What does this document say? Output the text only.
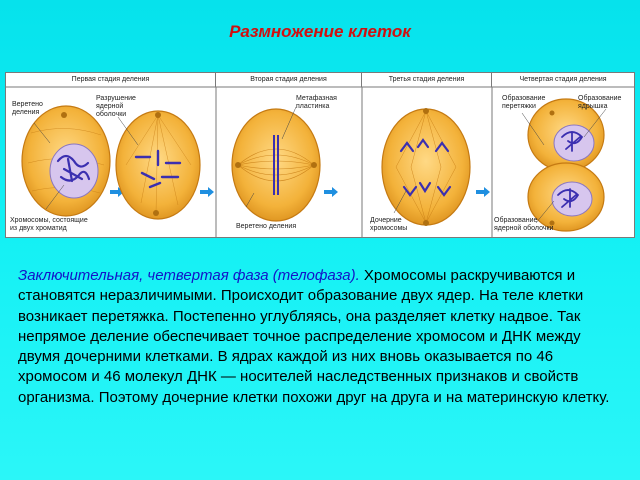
Размножение клеток
Первая стадия деления	Вторая стадия деления	Третья стадия деления	Четвертая стадия деления
Веретено
деления
Разрушение
ядерной
оболочки
Хромосомы, состоящие
из двух хроматид
Метафазная
пластинка
Веретено деления
Дочерние
хромосомы
Образование
перетяжки
Образование
ядрышка
Образование
ядерной оболочки
Заключительная, четвертая фаза (телофаза). Хромосомы раскручиваются и становятся неразличимыми. Происходит образование двух ядер. На теле клетки возникает перетяжка. Постепенно углубляясь, она разделяет клетку надвое. Так непрямое деление обеспечивает точное распределение хромосом и ДНК между двумя дочерними клетками. В ядрах каждой из них вновь оказывается по 46 хромосом и 46 молекул ДНК — носителей наследственных признаков и свойств организма. Поэтому дочерние клетки похожи друг на друга и на материнскую клетку.
